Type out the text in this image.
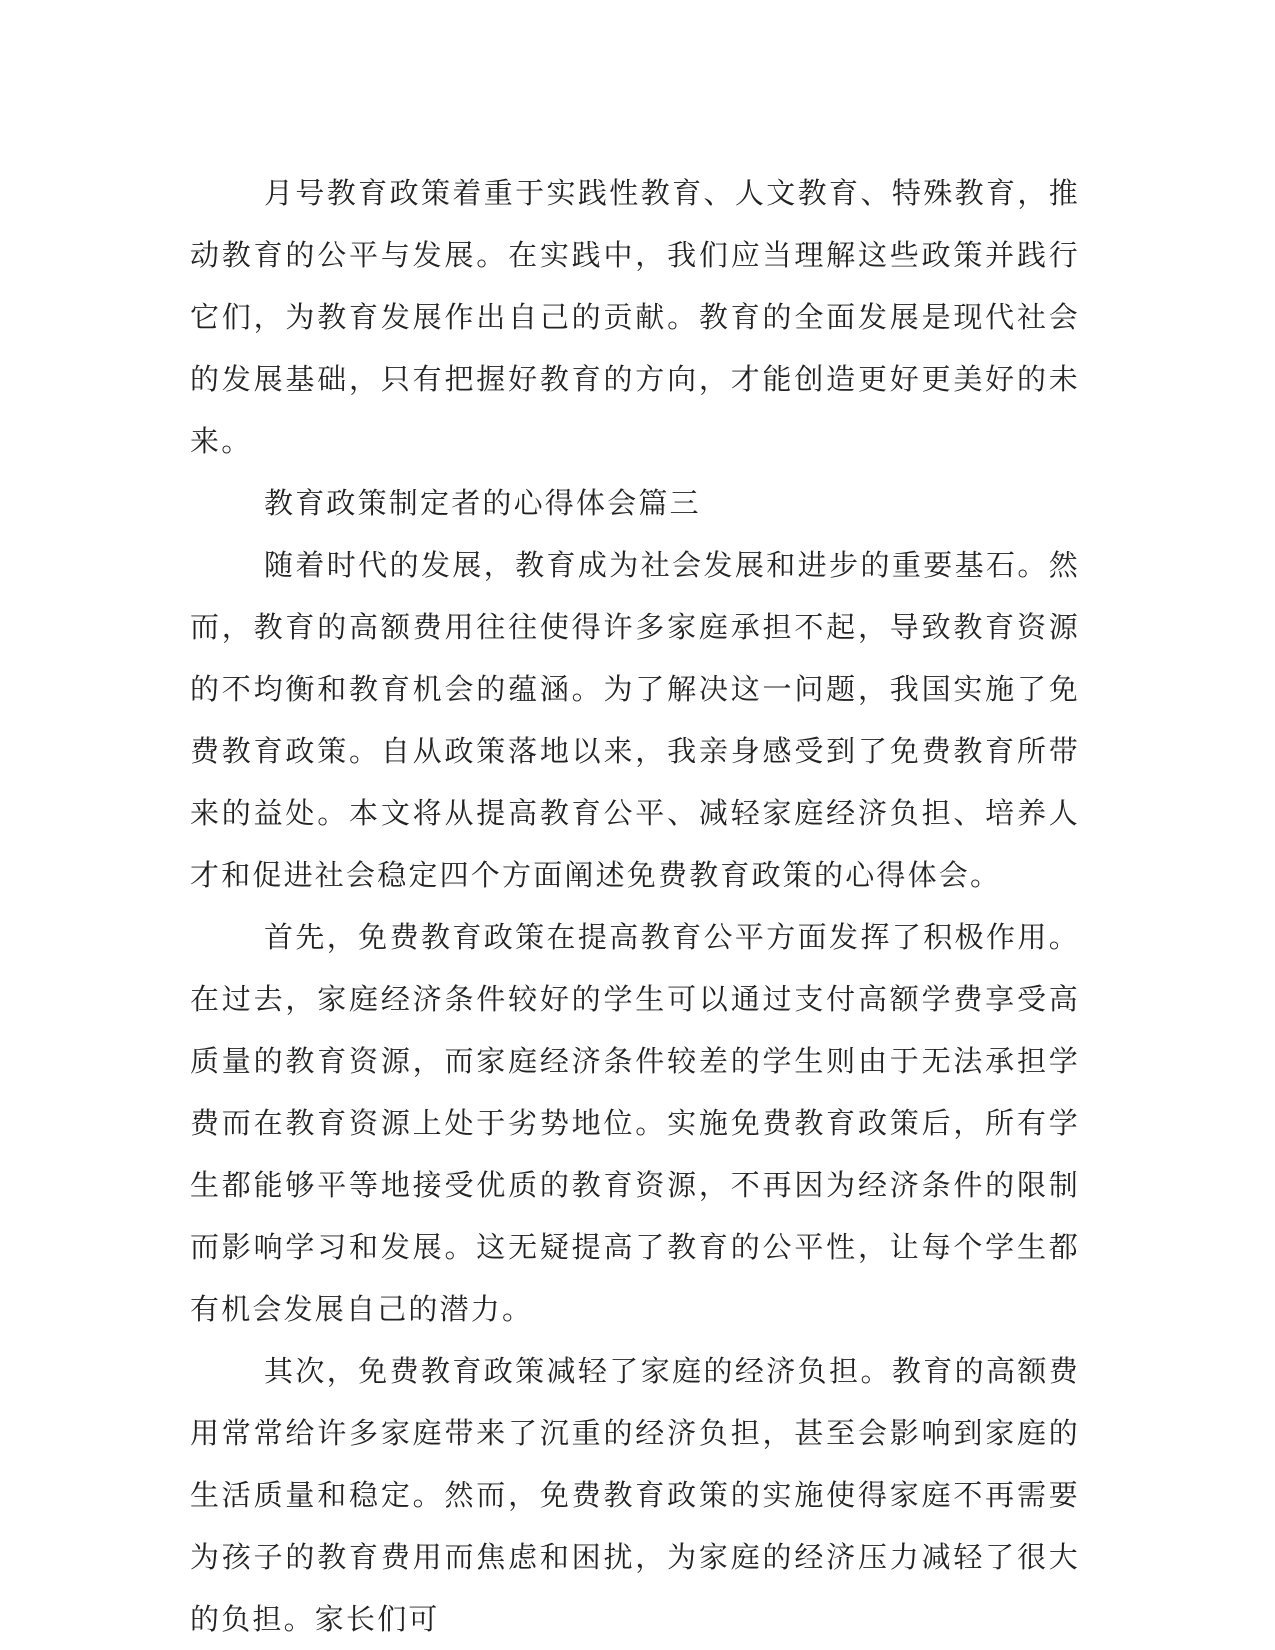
月号教育政策着重于实践性教育、人文教育、特殊教育，推动教育的公平与发展。在实践中，我们应当理解这些政策并践行它们，为教育发展作出自己的贡献。教育的全面发展是现代社会的发展基础，只有把握好教育的方向，才能创造更好更美好的未来。

教育政策制定者的心得体会篇三

随着时代的发展，教育成为社会发展和进步的重要基石。然而，教育的高额费用往往使得许多家庭承担不起，导致教育资源的不均衡和教育机会的蕴涵。为了解决这一问题，我国实施了免费教育政策。自从政策落地以来，我亲身感受到了免费教育所带来的益处。本文将从提高教育公平、减轻家庭经济负担、培养人才和促进社会稳定四个方面阐述免费教育政策的心得体会。

首先，免费教育政策在提高教育公平方面发挥了积极作用。在过去，家庭经济条件较好的学生可以通过支付高额学费享受高质量的教育资源，而家庭经济条件较差的学生则由于无法承担学费而在教育资源上处于劣势地位。实施免费教育政策后，所有学生都能够平等地接受优质的教育资源，不再因为经济条件的限制而影响学习和发展。这无疑提高了教育的公平性，让每个学生都有机会发展自己的潜力。

其次，免费教育政策减轻了家庭的经济负担。教育的高额费用常常给许多家庭带来了沉重的经济负担，甚至会影响到家庭的生活质量和稳定。然而，免费教育政策的实施使得家庭不再需要为孩子的教育费用而焦虑和困扰，为家庭的经济压力减轻了很大的负担。家长们可
